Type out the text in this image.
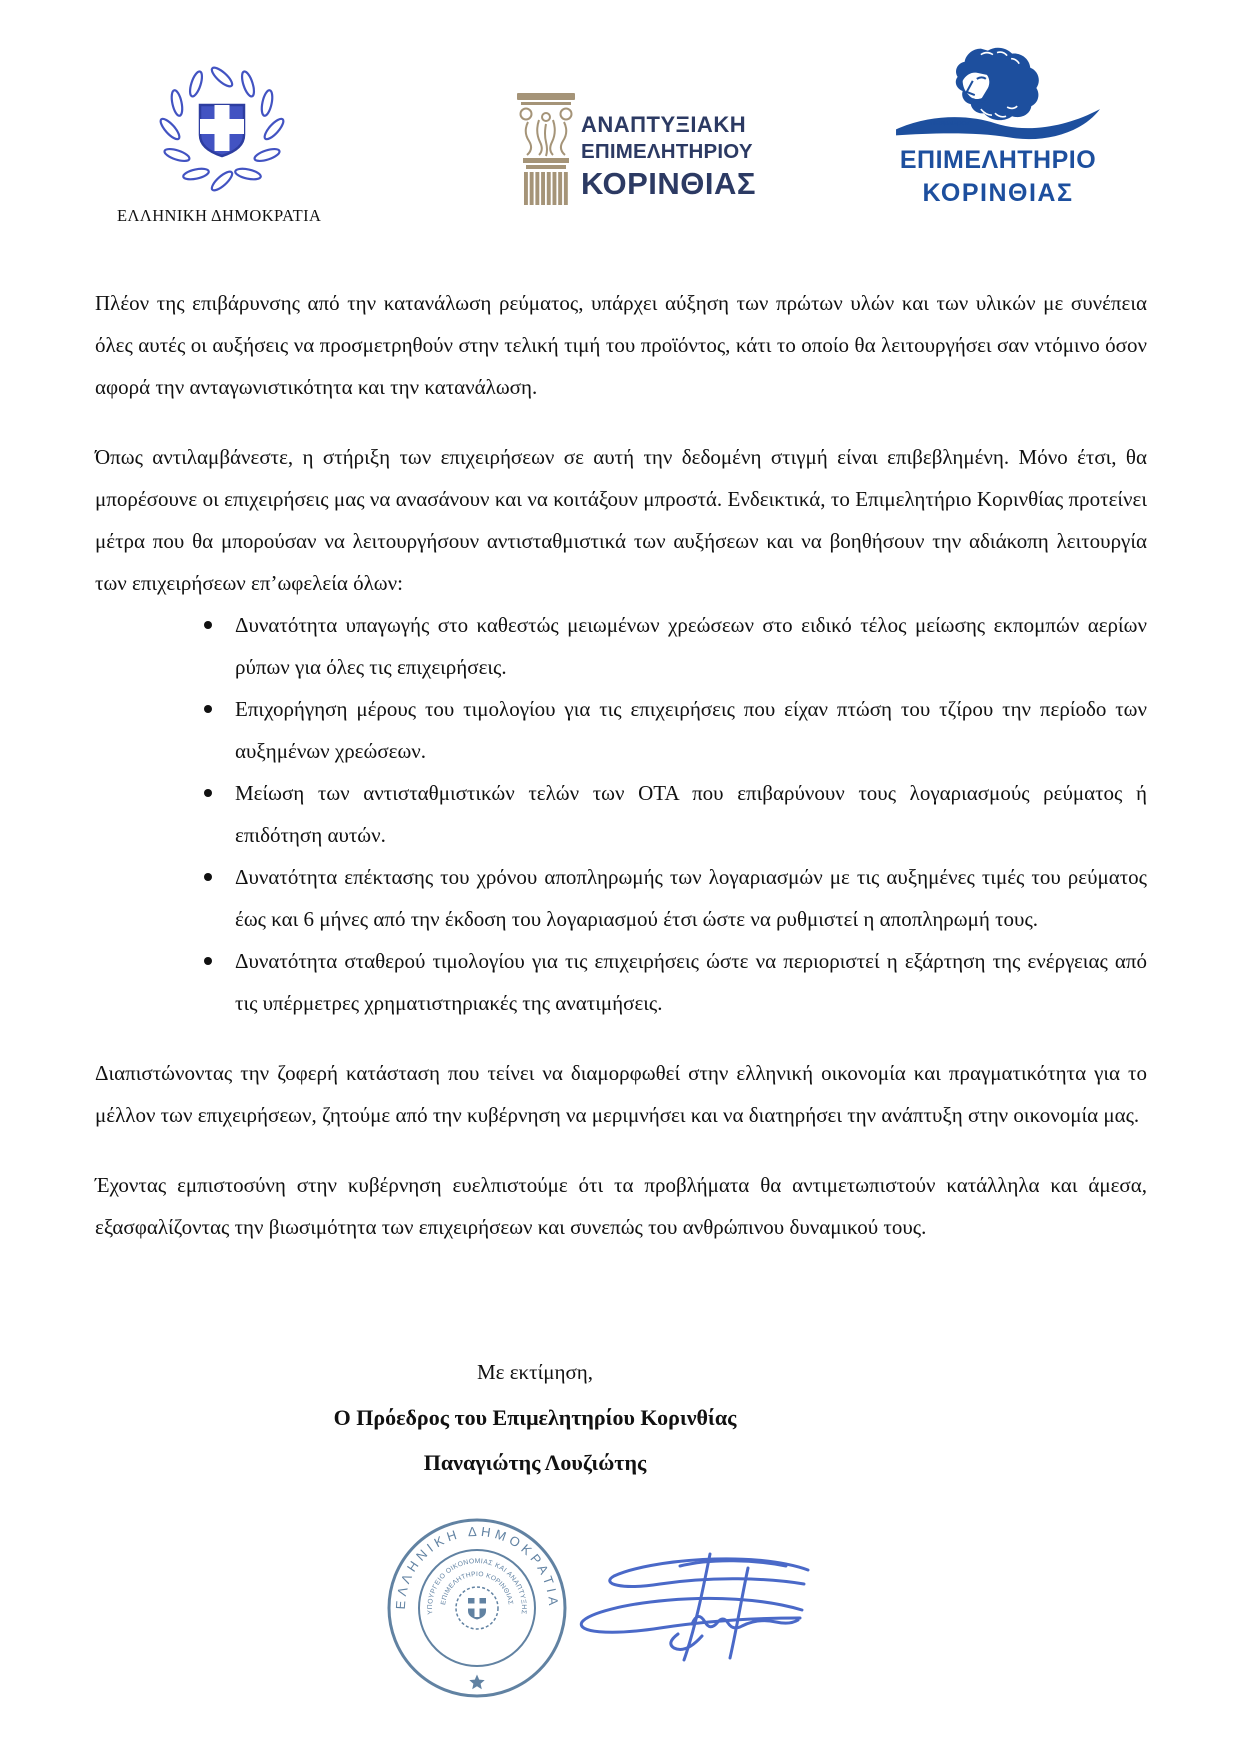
ΕΛΛΗΝΙΚΗ ΔΗΜΟΚΡΑΤΙΑ
ΑΝΑΠΤΥΞΙΑΚΗ
ΕΠΙΜΕΛΗΤΗΡΙΟΥ
ΚΟΡΙΝΘΙΑΣ
ΠΕΡΙΑΝΔΡΟΣ
ΕΠΙΜΕΛΗΤΗΡΙΟ
ΚΟΡΙΝΘΙΑΣ

Πλέον της επιβάρυνσης από την κατανάλωση ρεύματος, υπάρχει αύξηση των πρώτων υλών και των υλικών με συνέπεια όλες αυτές οι αυξήσεις να προσμετρηθούν στην τελική τιμή του προϊόντος, κάτι το οποίο θα λειτουργήσει σαν ντόμινο όσον αφορά την ανταγωνιστικότητα και την κατανάλωση.

Όπως αντιλαμβάνεστε, η στήριξη των επιχειρήσεων σε αυτή την δεδομένη στιγμή είναι επιβεβλημένη. Μόνο έτσι, θα μπορέσουνε οι επιχειρήσεις μας να ανασάνουν και να κοιτάξουν μπροστά. Ενδεικτικά, το Επιμελητήριο Κορινθίας προτείνει μέτρα που θα μπορούσαν να λειτουργήσουν αντισταθμιστικά των αυξήσεων και να βοηθήσουν την αδιάκοπη λειτουργία των επιχειρήσεων επ’ωφελεία όλων:

Δυνατότητα υπαγωγής στο καθεστώς μειωμένων χρεώσεων στο ειδικό τέλος μείωσης εκπομπών αερίων ρύπων για όλες τις επιχειρήσεις.
Επιχορήγηση μέρους του τιμολογίου για τις επιχειρήσεις που είχαν πτώση του τζίρου την περίοδο των αυξημένων χρεώσεων.
Μείωση των αντισταθμιστικών τελών των ΟΤΑ που επιβαρύνουν τους λογαριασμούς ρεύματος ή επιδότηση αυτών.
Δυνατότητα επέκτασης του χρόνου αποπληρωμής των λογαριασμών με τις αυξημένες τιμές του ρεύματος έως και 6 μήνες από την έκδοση του λογαριασμού έτσι ώστε να ρυθμιστεί η αποπληρωμή τους.
Δυνατότητα σταθερού τιμολογίου για τις επιχειρήσεις ώστε να περιοριστεί η εξάρτηση της ενέργειας από τις υπέρμετρες χρηματιστηριακές της ανατιμήσεις.

Διαπιστώνοντας την ζοφερή κατάσταση που τείνει να διαμορφωθεί στην ελληνική οικονομία και πραγματικότητα για το μέλλον των επιχειρήσεων, ζητούμε από την κυβέρνηση να μεριμνήσει και να διατηρήσει την ανάπτυξη στην οικονομία μας.

Έχοντας εμπιστοσύνη στην κυβέρνηση ευελπιστούμε ότι τα προβλήματα θα αντιμετωπιστούν κατάλληλα και άμεσα, εξασφαλίζοντας την βιωσιμότητα των επιχειρήσεων και συνεπώς του ανθρώπινου δυναμικού τους.

Με εκτίμηση,
Ο Πρόεδρος του Επιμελητηρίου Κορινθίας
Παναγιώτης Λουζιώτης
ΕΛΛΗΝΙΚΗ ΔΗΜΟΚΡΑΤΙΑ
ΥΠΟΥΡΓΕΙΟ ΟΙΚΟΝΟΜΙΑΣ ΚΑΙ ΑΝΑΠΤΥΞΗΣ
ΕΠΙΜΕΛΗΤΗΡΙΟ ΚΟΡΙΝΘΙΑΣ
